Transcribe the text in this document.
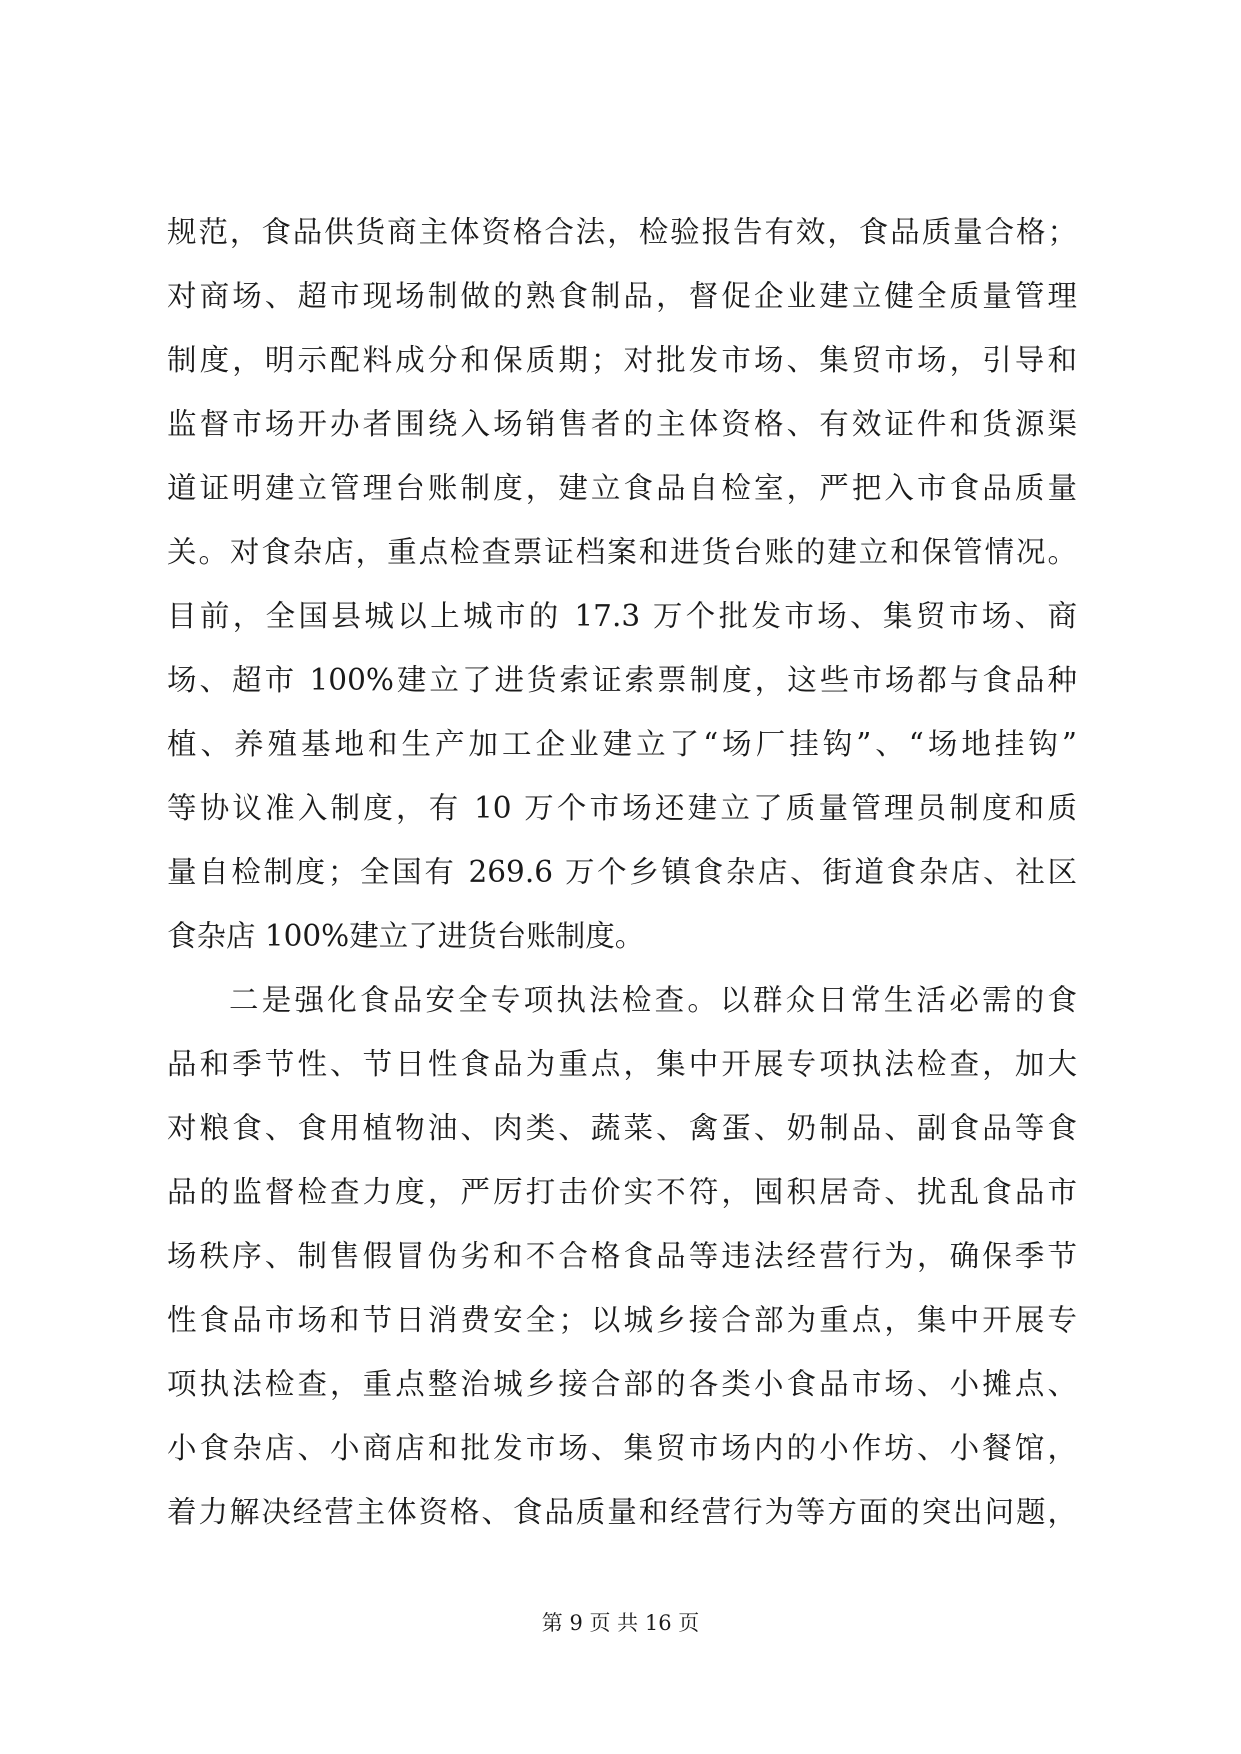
规范，食品供货商主体资格合法，检验报告有效，食品质量合格；
对商场、超市现场制做的熟食制品，督促企业建立健全质量管理
制度，明示配料成分和保质期；对批发市场、集贸市场，引导和
监督市场开办者围绕入场销售者的主体资格、有效证件和货源渠
道证明建立管理台账制度，建立食品自检室，严把入市食品质量
关。对食杂店，重点检查票证档案和进货台账的建立和保管情况。
目前，全国县城以上城市的 17.3 万个批发市场、集贸市场、商
场、超市 100%建立了进货索证索票制度，这些市场都与食品种
植、养殖基地和生产加工企业建立了“场厂挂钩”、“场地挂钩”
等协议准入制度，有 10 万个市场还建立了质量管理员制度和质
量自检制度；全国有 269.6 万个乡镇食杂店、街道食杂店、社区
食杂店 100%建立了进货台账制度。
二是强化食品安全专项执法检查。以群众日常生活必需的食
品和季节性、节日性食品为重点，集中开展专项执法检查，加大
对粮食、食用植物油、肉类、蔬菜、禽蛋、奶制品、副食品等食
品的监督检查力度，严厉打击价实不符，囤积居奇、扰乱食品市
场秩序、制售假冒伪劣和不合格食品等违法经营行为，确保季节
性食品市场和节日消费安全；以城乡接合部为重点，集中开展专
项执法检查，重点整治城乡接合部的各类小食品市场、小摊点、
小食杂店、小商店和批发市场、集贸市场内的小作坊、小餐馆，
着力解决经营主体资格、食品质量和经营行为等方面的突出问题，
第 9 页 共 16 页
